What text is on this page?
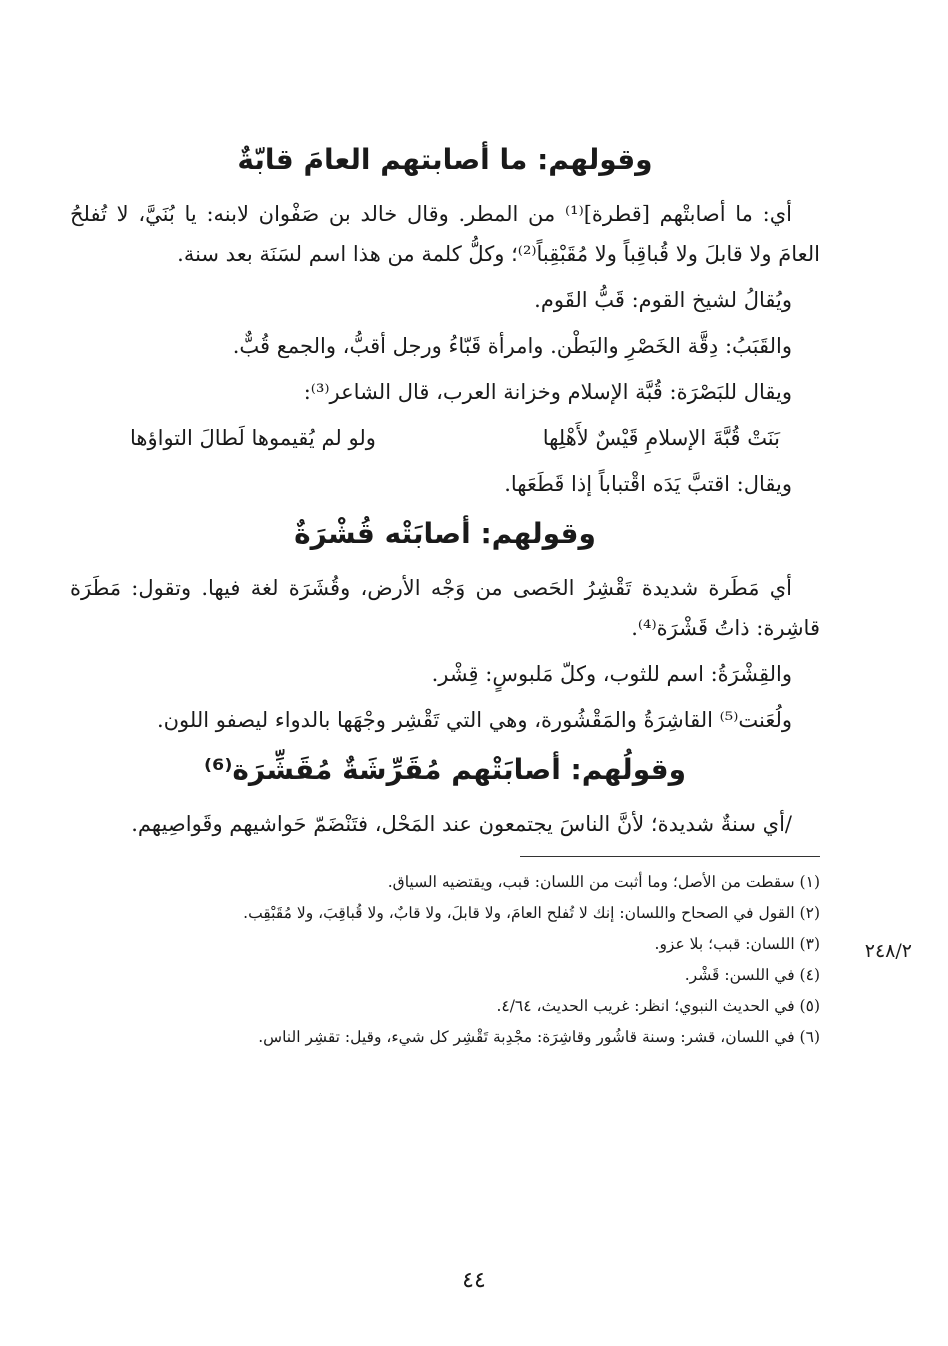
وقولهم: ما أصابتهم العامَ قابّةٌ

أي: ما أصابتْهم [قطرة]⁽¹⁾ من المطر. وقال خالد بن صَفْوان لابنه: يا بُنَيَّ، لا تُفلحُ العامَ ولا قابلَ ولا قُباقِباً ولا مُقَبْقِباً⁽²⁾؛ وكلُّ كلمة من هذا اسم لسَنَة بعد سنة.

ويُقالُ لشيخ القوم: قَبُّ القَوم.

والقَبَبُ: دِقَّة الخَصْرِ والبَطْن. وامرأة قَبّاءُ ورجل أقبُّ، والجمع قُبٌّ.

ويقال للبَصْرَة: قُبَّة الإسلام وخزانة العرب، قال الشاعر⁽³⁾:

بَنَتْ قُبَّةَ الإسلامِ قَيْسٌ لأَهْلِها
ولو لم يُقيموها لَطالَ التواؤها

ويقال: اقتبَّ يَدَه اقْتباباً إذا قَطَعَها.

وقولهم: أصابَتْه قُشْرَةٌ

أي مَطَرة شديدة تَقْشِرُ الحَصى من وَجْه الأرض، وقُشَرَة لغة فيها. وتقول: مَطَرَة قاشِرة: ذاتُ قَشْرَة⁽⁴⁾.

والقِشْرَةُ: اسم للثوب، وكلّ مَلبوسٍ: قِشْر.

ولُعَنت⁽⁵⁾ القاشِرَةُ والمَقْشُورة، وهي التي تَقْشِر وجْهَها بالدواء ليصفو اللون.

وقولُهم: أصابَتْهم مُقَرِّشَةٌ مُقَشِّرَة⁽⁶⁾

/أي سنةٌ شديدة؛ لأنَّ الناسَ يجتمعون عند المَحْل، فتَنْضَمّ حَواشيهم وقَواصِيهم.

(١) سقطت من الأصل؛ وما أثبت من اللسان: قبب، ويقتضيه السياق.

(٢) القول في الصحاح واللسان: إنك لا تُفلح العامَ، ولا قابلَ، ولا قابٌ، ولا قُباقِبَ، ولا مُقَبْقِب.

(٣) اللسان: قبب؛ بلا عزو.

(٤) في اللسن: قَشْر.

(٥) في الحديث النبوي؛ انظر: غريب الحديث، ٤/٦٤.

(٦) في اللسان، قشر: وسنة قاشُور وقاشِرَة: مجْدِبة تَقْشِر كل شيء، وقيل: تقشِر الناس.

٢٤٨/٢
٤٤
